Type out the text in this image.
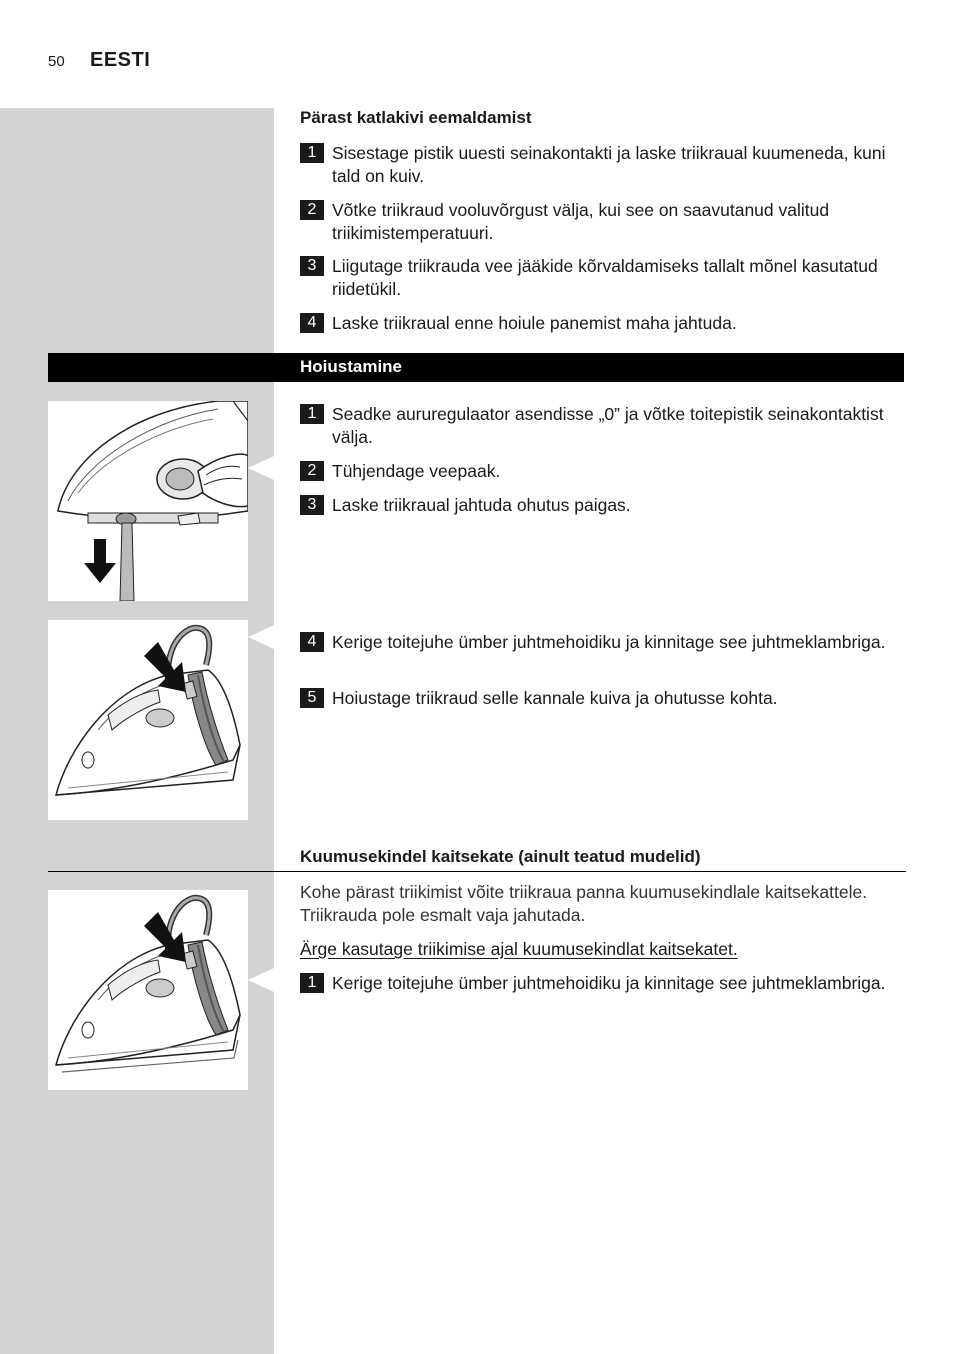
50 EESTI
Pärast katlakivi eemaldamist
1 Sisestage pistik uuesti seinakontakti ja laske triikraual kuumeneda, kuni tald on kuiv.
2 Võtke triikraud vooluvõrgust välja, kui see on saavutanud valitud triikimistemperatuuri.
3 Liigutage triikrauda vee jääkide kõrvaldamiseks tallalt mõnel kasutatud riidetükil.
4 Laske triikraual enne hoiule panemist maha jahtuda.
Hoiustamine
1 Seadke aururegulaator asendisse „0” ja võtke toitepistik seinakontaktist välja.
2 Tühjendage veepaak.
3 Laske triikraual jahtuda ohutus paigas.
4 Kerige toitejuhe ümber juhtmehoidiku ja kinnitage see juhtmeklambriga.
5 Hoiustage triikraud selle kannale kuiva ja ohutusse kohta.
Kuumusekindel kaitsekate (ainult teatud mudelid)
Kohe pärast triikimist võite triikraua panna kuumusekindlale kaitsekattele. Triikrauda pole esmalt vaja jahutada.
Ärge kasutage triikimise ajal kuumusekindlat kaitsekatet.
1 Kerige toitejuhe ümber juhtmehoidiku ja kinnitage see juhtmeklambriga.
